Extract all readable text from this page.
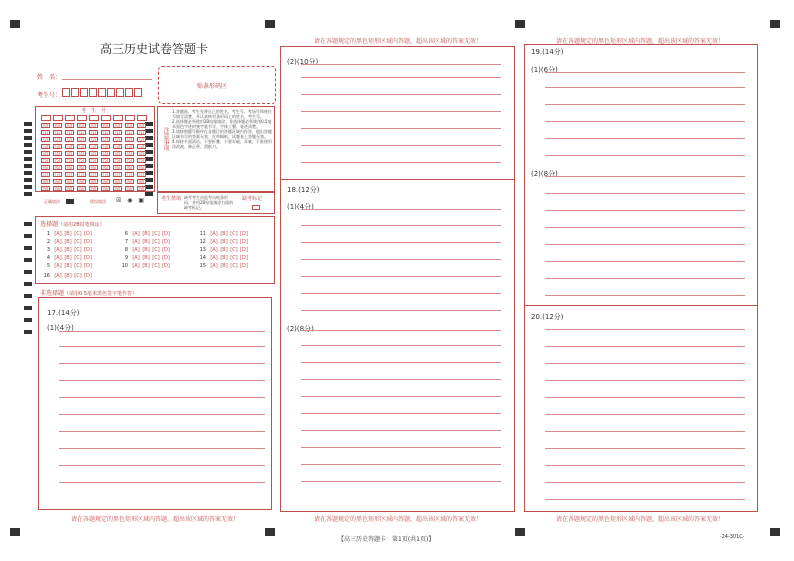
高三历史试卷答题卡
姓　名：
考生号：
贴条形码区
考　生　号
[0]
[1]
[2]
[3]
[4]
[5]
[6]
[7]
[8]
[9]
[0]
[1]
[2]
[3]
[4]
[5]
[6]
[7]
[8]
[9]
[0]
[1]
[2]
[3]
[4]
[5]
[6]
[7]
[8]
[9]
[0]
[1]
[2]
[3]
[4]
[5]
[6]
[7]
[8]
[9]
[0]
[1]
[2]
[3]
[4]
[5]
[6]
[7]
[8]
[9]
[0]
[1]
[2]
[3]
[4]
[5]
[6]
[7]
[8]
[9]
[0]
[1]
[2]
[3]
[4]
[5]
[6]
[7]
[8]
[9]
[0]
[1]
[2]
[3]
[4]
[5]
[6]
[7]
[8]
[9]
[0]
[1]
[2]
[3]
[4]
[5]
[6]
[7]
[8]
[9]
注意事项
1.答题前，考生先将自己的姓名、考生号、考场号和座位号填写清楚，并认真核对条形码上的姓名、考生号。
2.选择题必须使用2B铅笔填涂；非选择题必须使用0.5毫米黑色字迹的签字笔书写，字体工整、笔迹清楚。
3.请按照题号顺序在各题目的答题区域内作答，超出答题区域书写的答案无效；在草稿纸、试题卷上答题无效。
4.保持卡面清洁，不要折叠、不要弄破、弄皱，不准使用涂改液、修正带、刮纸刀。
正确填涂	错误填涂 ☒ ◉ ▣	考生禁填 缺考考生由监考员贴条形码，并用2B铅笔填涂右面的缺考标记。
缺考标记
选择题（请用2B铅笔填涂）
1 [A] [B] [C] [D]
2 [A] [B] [C] [D]
3 [A] [B] [C] [D]
4 [A] [B] [C] [D]
5 [A] [B] [C] [D]
6 [A] [B] [C] [D]
7 [A] [B] [C] [D]
8 [A] [B] [C] [D]
9 [A] [B] [C] [D]
10 [A] [B] [C] [D]
11 [A] [B] [C] [D]
12 [A] [B] [C] [D]
13 [A] [B] [C] [D]
14 [A] [B] [C] [D]
15 [A] [B] [C] [D]
16 [A] [B] [C] [D]
非选择题（请用0.5毫米黑色签字笔作答）
17.(14分)
(1)(4分)
请在各题规定的黑色矩形区域内答题，超出该区域的答案无效！
请在各题规定的黑色矩形区域内答题，超出该区域的答案无效！
(2)(10分)
18.(12分)
(1)(4分)
(2)(8分)
请在各题规定的黑色矩形区域内答题，超出该区域的答案无效！
请在各题规定的黑色矩形区域内答题，超出该区域的答案无效！
19.(14分)
(1)(6分)
(2)(8分)
20.(12分)
请在各题规定的黑色矩形区域内答题，超出该区域的答案无效！
【高三历史答题卡　第1页(共1页)】	·24-301C·
